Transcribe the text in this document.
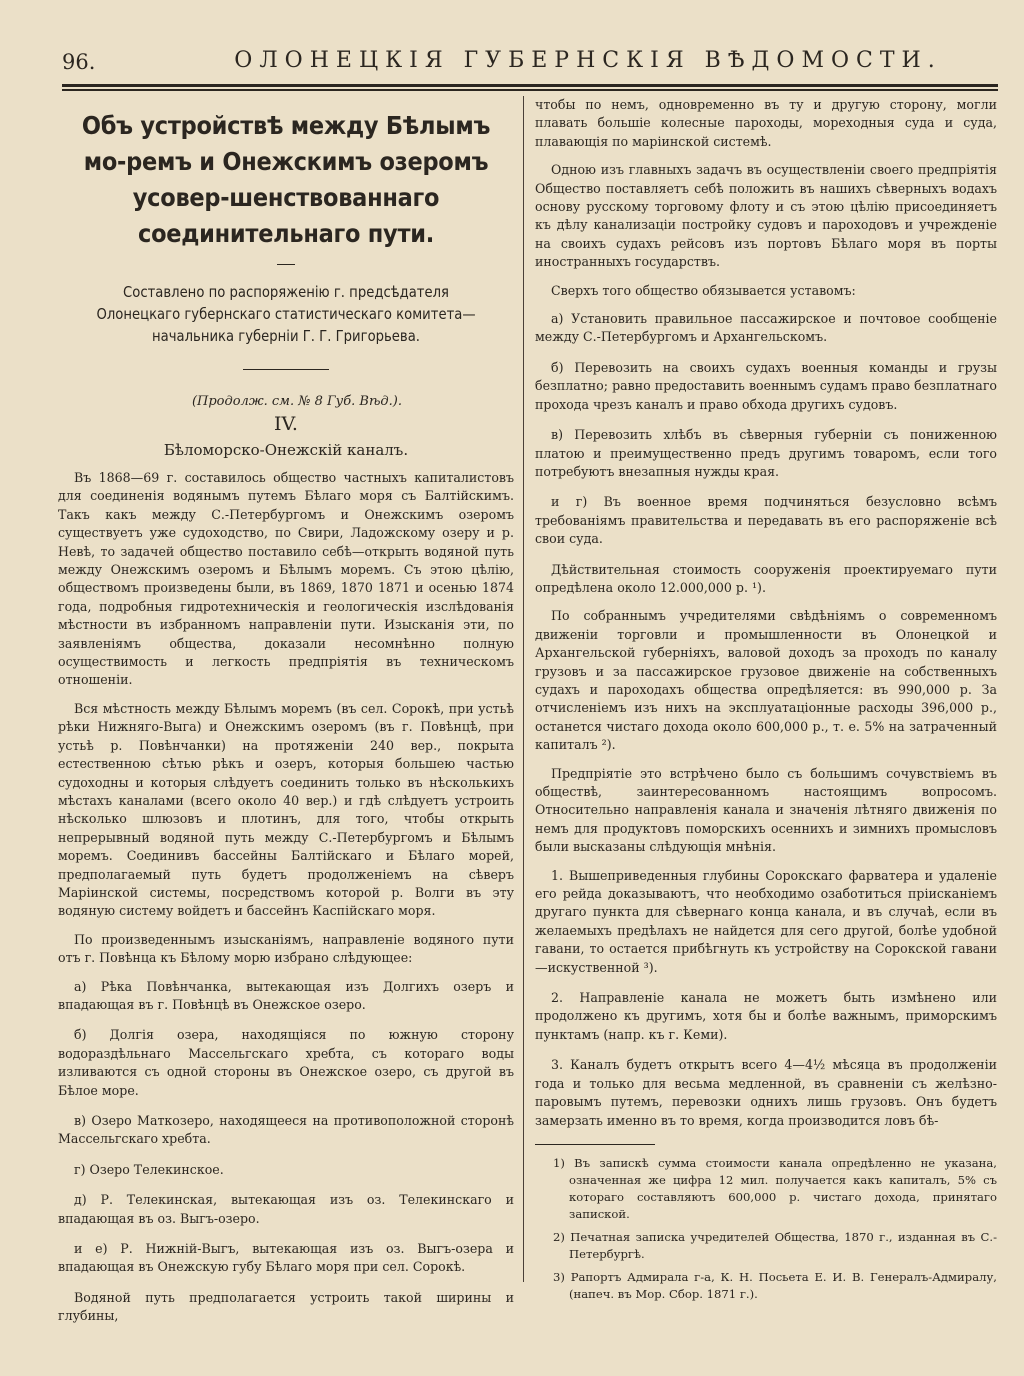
96.	ОЛОНЕЦКІЯ ГУБЕРНСКІЯ ВѢДОМОСТИ.
Объ устройствѣ между Бѣлымъ мо-ремъ и Онежскимъ озеромъ усовер-шенствованнаго соединительнаго пути.
Составлено по распоряженію г. предсѣдателя Олонецкаго губернскаго статистическаго комитета—начальника губерніи Г. Г. Григорьева.

(Продолж. см. № 8 Губ. Вѣд.).

IV.
Бѣломорско-Онежскій каналъ.

Въ 1868—69 г. составилось общество частныхъ капиталистовъ для соединенія водянымъ путемъ Бѣлаго моря съ Балтійскимъ. Такъ какъ между С.-Петербургомъ и Онежскимъ озеромъ существуетъ уже судоходство, по Свири, Ладожскому озеру и р. Невѣ, то задачей общество поставило себѣ—открыть водяной путь между Онежскимъ озеромъ и Бѣлымъ моремъ. Съ этою цѣлію, обществомъ произведены были, въ 1869, 1870 1871 и осенью 1874 года, подробныя гидротехническія и геологическія изслѣдованія мѣстности въ избранномъ направленіи пути. Изысканія эти, по заявленіямъ общества, доказали несомнѣнно полную осуществимость и легкость предпріятія въ техническомъ отношеніи.

Вся мѣстность между Бѣлымъ моремъ (въ сел. Сорокѣ, при устьѣ рѣки Нижняго-Выга) и Онежскимъ озеромъ (въ г. Повѣнцѣ, при устьѣ р. Повѣнчанки) на протяженіи 240 вер., покрыта естественною сѣтью рѣкъ и озеръ, которыя большею частью судоходны и которыя слѣдуетъ соединить только въ нѣсколькихъ мѣстахъ каналами (всего около 40 вер.) и гдѣ слѣдуетъ устроить нѣсколько шлюзовъ и плотинъ, для того, чтобы открыть непрерывный водяной путь между С.-Петербургомъ и Бѣлымъ моремъ. Соединивъ бассейны Балтійскаго и Бѣлаго морей, предполагаемый путь будетъ продолженіемъ на сѣверъ Маріинской системы, посредствомъ которой р. Волги въ эту водяную систему войдетъ и бассейнъ Каспійскаго моря.

По произведеннымъ изысканіямъ, направленіе водяного пути отъ г. Повѣнца къ Бѣлому морю избрано слѣдующее:

а) Рѣка Повѣнчанка, вытекающая изъ Долгихъ озеръ и впадающая въ г. Повѣнцѣ въ Онежское озеро.

б) Долгія озера, находящіяся по южную сторону водораздѣльнаго Массельгскаго хребта, съ котораго воды изливаются съ одной стороны въ Онежское озеро, съ другой въ Бѣлое море.

в) Озеро Маткозеро, находящееся на противоположной сторонѣ Массельгскаго хребта.

г) Озеро Телекинское.

д) Р. Телекинская, вытекающая изъ оз. Телекинскаго и впадающая въ оз. Выгъ-озеро.

и е) Р. Нижній-Выгъ, вытекающая изъ оз. Выгъ-озера и впадающая въ Онежскую губу Бѣлаго моря при сел. Сорокѣ.

Водяной путь предполагается устроить такой ширины и глубины,

чтобы по немъ, одновременно въ ту и другую сторону, могли плавать большіе колесные пароходы, мореходныя суда и суда, плавающія по маріинской системѣ.

Одною изъ главныхъ задачъ въ осуществленіи своего предпріятія Общество поставляетъ себѣ положить въ нашихъ сѣверныхъ водахъ основу русскому торговому флоту и съ этою цѣлію присоединяетъ къ дѣлу канализаціи постройку судовъ и пароходовъ и учрежденіе на своихъ судахъ рейсовъ изъ портовъ Бѣлаго моря въ порты иностранныхъ государствъ.

Сверхъ того общество обязывается уставомъ:

а) Установить правильное пассажирское и почтовое сообщеніе между С.-Петербургомъ и Архангельскомъ.

б) Перевозить на своихъ судахъ военныя команды и грузы безплатно; равно предоставить военнымъ судамъ право безплатнаго прохода чрезъ каналъ и право обхода другихъ судовъ.

в) Перевозить хлѣбъ въ сѣверныя губерніи съ пониженною платою и преимущественно предъ другимъ товаромъ, если того потребуютъ внезапныя нужды края.

и г) Въ военное время подчиняться безусловно всѣмъ требованіямъ правительства и передавать въ его распоряженіе всѣ свои суда.

Дѣйствительная стоимость сооруженія проектируемаго пути опредѣлена около 12.000,000 р. ¹).

По собраннымъ учредителями свѣдѣніямъ о современномъ движеніи торговли и промышленности въ Олонецкой и Архангельской губерніяхъ, валовой доходъ за проходъ по каналу грузовъ и за пассажирское грузовое движеніе на собственныхъ судахъ и пароходахъ общества опредѣляется: въ 990,000 р. За отчисленіемъ изъ нихъ на эксплуатаціонные расходы 396,000 р., останется чистаго дохода около 600,000 р., т. е. 5% на затраченный капиталъ ²).

Предпріятіе это встрѣчено было съ большимъ сочувствіемъ въ обществѣ, заинтересованномъ настоящимъ вопросомъ. Относительно направленія канала и значенія лѣтняго движенія по немъ для продуктовъ поморскихъ осеннихъ и зимнихъ промысловъ были высказаны слѣдующія мнѣнія.

1. Вышеприведенныя глубины Сорокскаго фарватера и удаленіе его рейда доказываютъ, что необходимо озаботиться пріисканіемъ другаго пункта для сѣвернаго конца канала, и въ случаѣ, если въ желаемыхъ предѣлахъ не найдется для сего другой, болѣе удобной гавани, то остается прибѣгнуть къ устройству на Сорокской гавани—искуственной ³).

2. Направленіе канала не можетъ быть измѣнено или продолжено къ другимъ, хотя бы и болѣе важнымъ, приморскимъ пунктамъ (напр. къ г. Кеми).

3. Каналъ будетъ открытъ всего 4—4½ мѣсяца въ продолженіи года и только для весьма медленной, въ сравненіи съ желѣзно-паровымъ путемъ, перевозки однихъ лишь грузовъ. Онъ будетъ замерзать именно въ то время, когда производится ловъ бѣ-

1) Въ запискѣ сумма стоимости канала опредѣленно не указана, означенная же цифра 12 мил. получается какъ капиталъ, 5% съ котораго составляютъ 600,000 р. чистаго дохода, принятаго запиской.

2) Печатная записка учредителей Общества, 1870 г., изданная въ С.-Петербургѣ.

3) Рапортъ Адмирала г-а, К. Н. Посьета Е. И. В. Генералъ-Адмиралу, (напеч. въ Мор. Сбор. 1871 г.).
